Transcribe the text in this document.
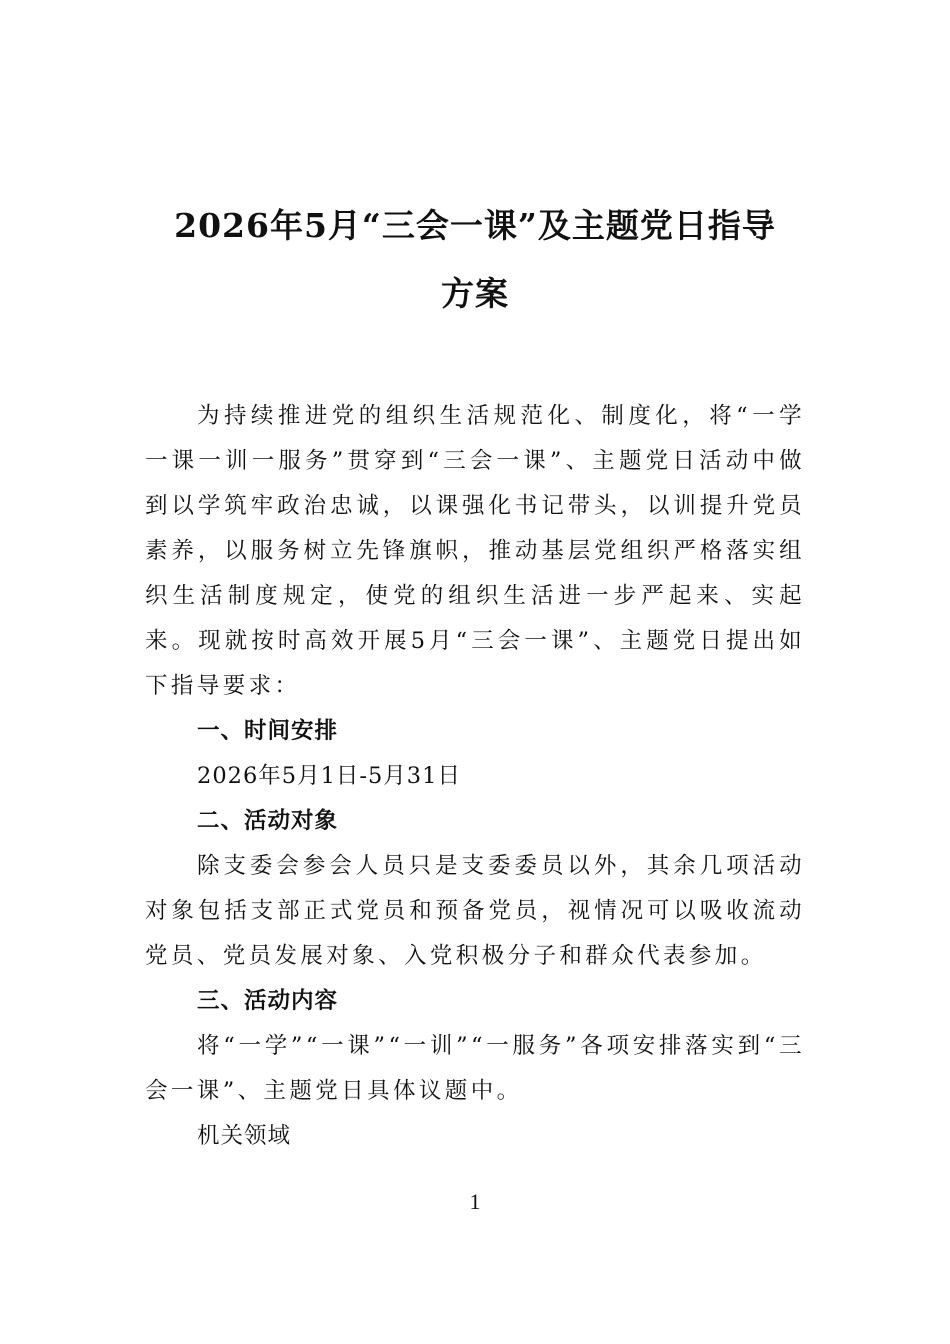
2026年5月“三会一课”及主题党日指导
方案

为持续推进党的组织生活规范化、制度化，将“一学一课一训一服务”贯穿到“三会一课”、主题党日活动中做到以学筑牢政治忠诚，以课强化书记带头，以训提升党员素养，以服务树立先锋旗帜，推动基层党组织严格落实组织生活制度规定，使党的组织生活进一步严起来、实起来。现就按时高效开展5月“三会一课”、主题党日提出如下指导要求：

一、时间安排

2026年5月1日-5月31日

二、活动对象

除支委会参会人员只是支委委员以外，其余几项活动对象包括支部正式党员和预备党员，视情况可以吸收流动党员、党员发展对象、入党积极分子和群众代表参加。

三、活动内容

将“一学”“一课”“一训”“一服务”各项安排落实到“三会一课”、主题党日具体议题中。

机关领域

1
